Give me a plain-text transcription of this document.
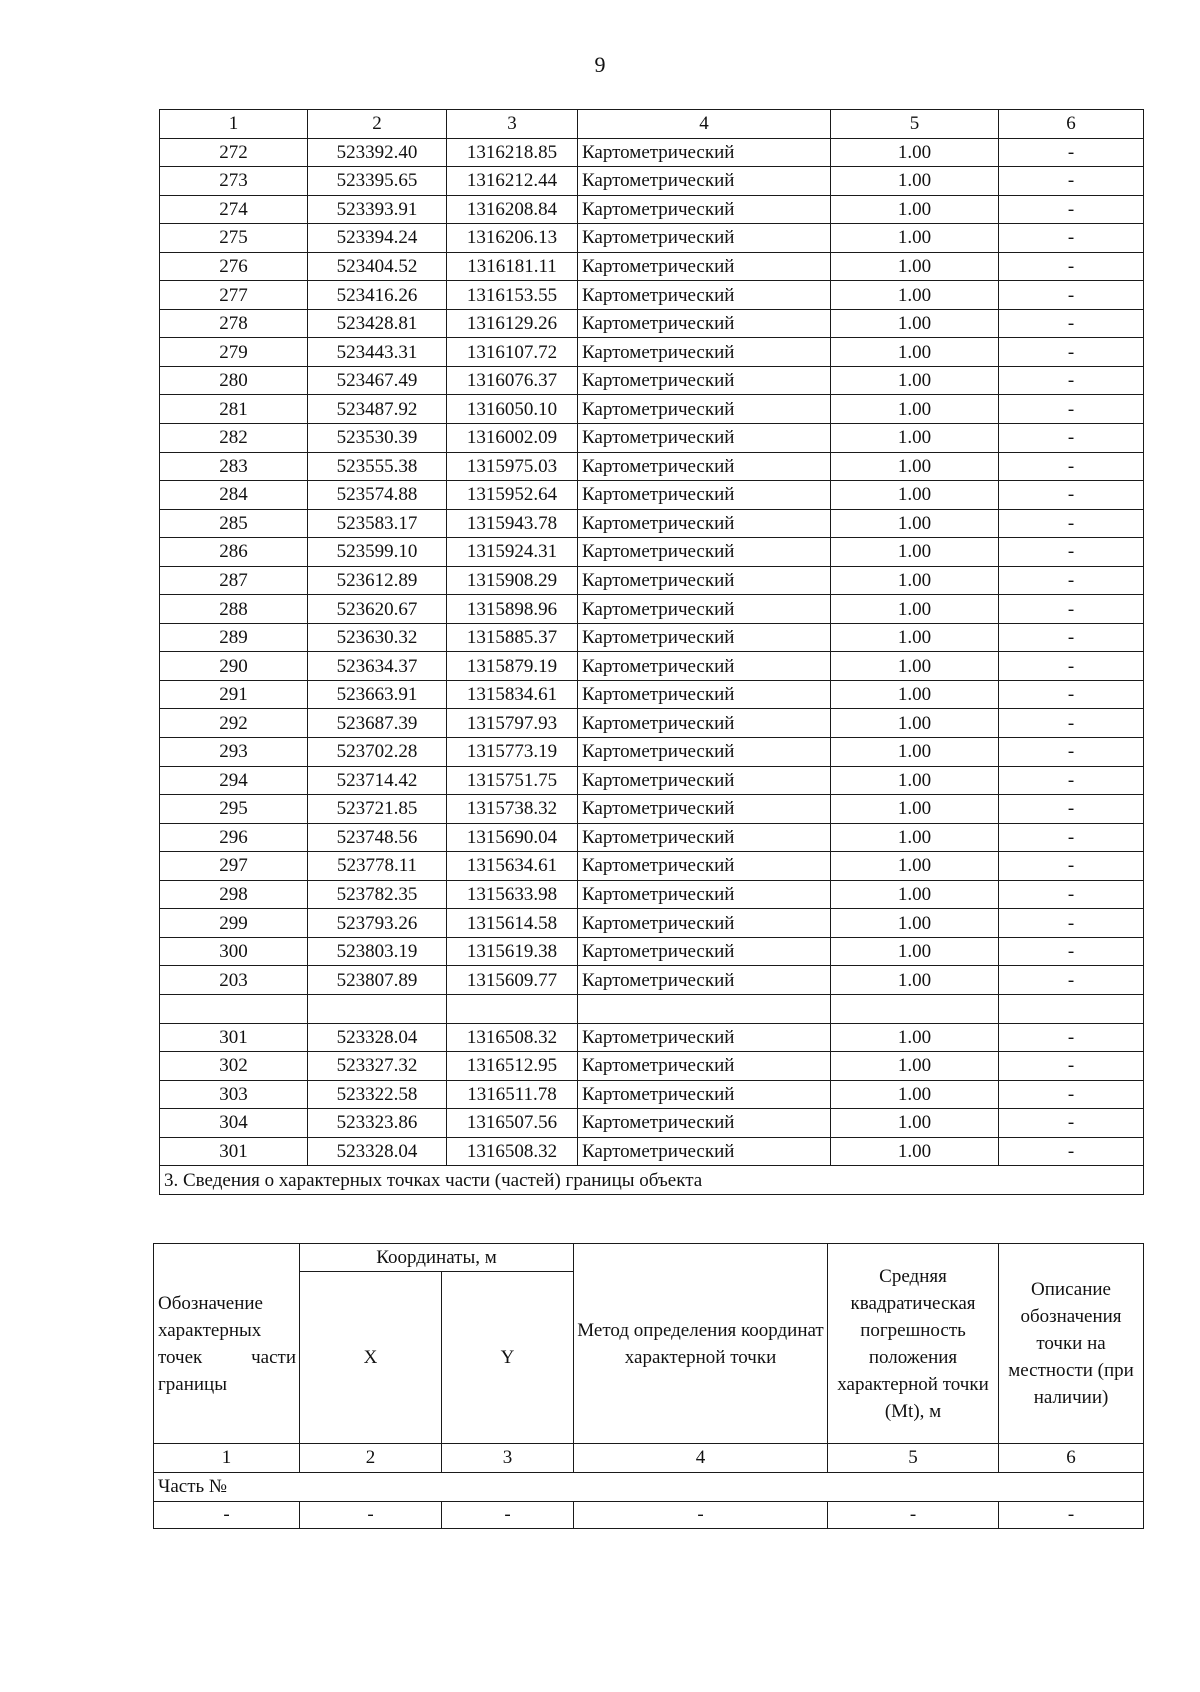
9
1	2	3	4	5	6
272	523392.40	1316218.85	Картометрический	1.00	-
273	523395.65	1316212.44	Картометрический	1.00	-
274	523393.91	1316208.84	Картометрический	1.00	-
275	523394.24	1316206.13	Картометрический	1.00	-
276	523404.52	1316181.11	Картометрический	1.00	-
277	523416.26	1316153.55	Картометрический	1.00	-
278	523428.81	1316129.26	Картометрический	1.00	-
279	523443.31	1316107.72	Картометрический	1.00	-
280	523467.49	1316076.37	Картометрический	1.00	-
281	523487.92	1316050.10	Картометрический	1.00	-
282	523530.39	1316002.09	Картометрический	1.00	-
283	523555.38	1315975.03	Картометрический	1.00	-
284	523574.88	1315952.64	Картометрический	1.00	-
285	523583.17	1315943.78	Картометрический	1.00	-
286	523599.10	1315924.31	Картометрический	1.00	-
287	523612.89	1315908.29	Картометрический	1.00	-
288	523620.67	1315898.96	Картометрический	1.00	-
289	523630.32	1315885.37	Картометрический	1.00	-
290	523634.37	1315879.19	Картометрический	1.00	-
291	523663.91	1315834.61	Картометрический	1.00	-
292	523687.39	1315797.93	Картометрический	1.00	-
293	523702.28	1315773.19	Картометрический	1.00	-
294	523714.42	1315751.75	Картометрический	1.00	-
295	523721.85	1315738.32	Картометрический	1.00	-
296	523748.56	1315690.04	Картометрический	1.00	-
297	523778.11	1315634.61	Картометрический	1.00	-
298	523782.35	1315633.98	Картометрический	1.00	-
299	523793.26	1315614.58	Картометрический	1.00	-
300	523803.19	1315619.38	Картометрический	1.00	-
203	523807.89	1315609.77	Картометрический	1.00	-

301	523328.04	1316508.32	Картометрический	1.00	-
302	523327.32	1316512.95	Картометрический	1.00	-
303	523322.58	1316511.78	Картометрический	1.00	-
304	523323.86	1316507.56	Картометрический	1.00	-
301	523328.04	1316508.32	Картометрический	1.00	-
3. Сведения о характерных точках части (частей) границы объекта					
Обозначение характерных точек части границы	Координаты, м		Метод определения координат характерной точки	Средняя квадратическая погрешность положения характерной точки (Mt), м	Описание обозначения точки на местности (при наличии)
	X	Y			
1	2	3	4	5	6
Часть №					
-	-	-	-	-	-
